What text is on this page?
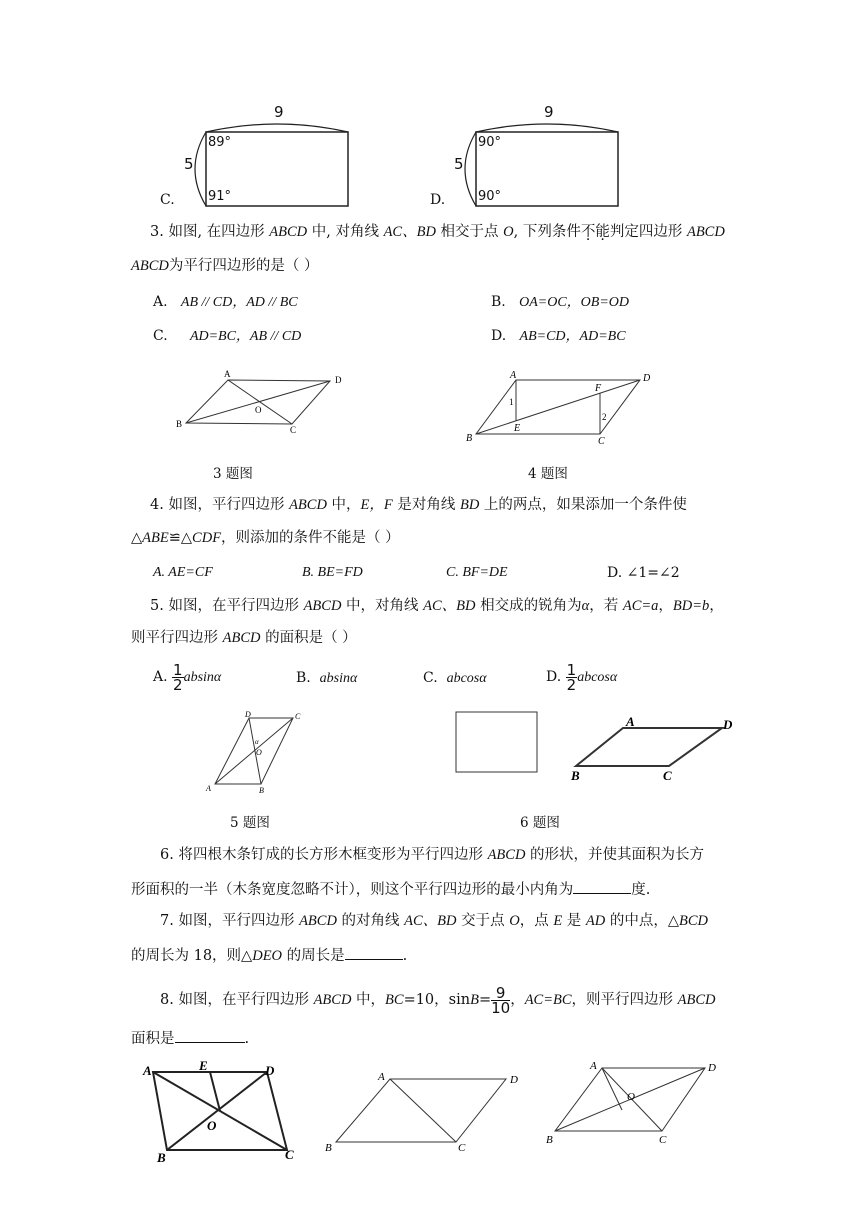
9
5
89°
91°
C.
9
5
90°
90°
D.
3. 如图, 在四边形 ABCD 中, 对角线 AC、BD 相交于点 O, 下列条件不能判定四边形 ABCD
ABCD为平行四边形的是（ ）
A. AB // CD，AD // BC	B. OA=OC，OB=OD
C. AD=BC，AB // CD	D. AB=CD，AD=BC
A
D
B
C
O
A	D
B	C
E
F
1
2
3 题图	4 题图
4. 如图，平行四边形 ABCD 中，E，F 是对角线 BD 上的两点，如果添加一个条件使
△ABE≌△CDF，则添加的条件不能是（ ）
A. AE=CF	B. BE=FD	C. BF=DE	D. ∠1=∠2
5. 如图，在平行四边形 ABCD 中，对角线 AC、BD 相交成的锐角为α，若 AC=a，BD=b，
则平行四边形 ABCD 的面积是（ ）
A. $\frac{1}{2}$ absinα	B. absinα	C. abcosα	D. $\frac{1}{2}$ abcosα
D	C
A	B
α
O
A	D
B	C
5 题图	6 题图
6. 将四根木条钉成的长方形木框变形为平行四边形 ABCD 的形状，并使其面积为长方
形面积的一半（木条宽度忽略不计），则这个平行四边形的最小内角为	度.
7. 如图，平行四边形 ABCD 的对角线 AC、BD 交于点 O，点 E 是 AD 的中点，△BCD
的周长为 18，则△DEO 的周长是	.
8. 如图，在平行四边形 ABCD 中，BC=10，$\sin B= \frac{9}{10}$ ，AC=BC，则平行四边形 ABCD
面积是	.
A	E	D
O
B	C
A	D
B	C
A	D
O
B	C
